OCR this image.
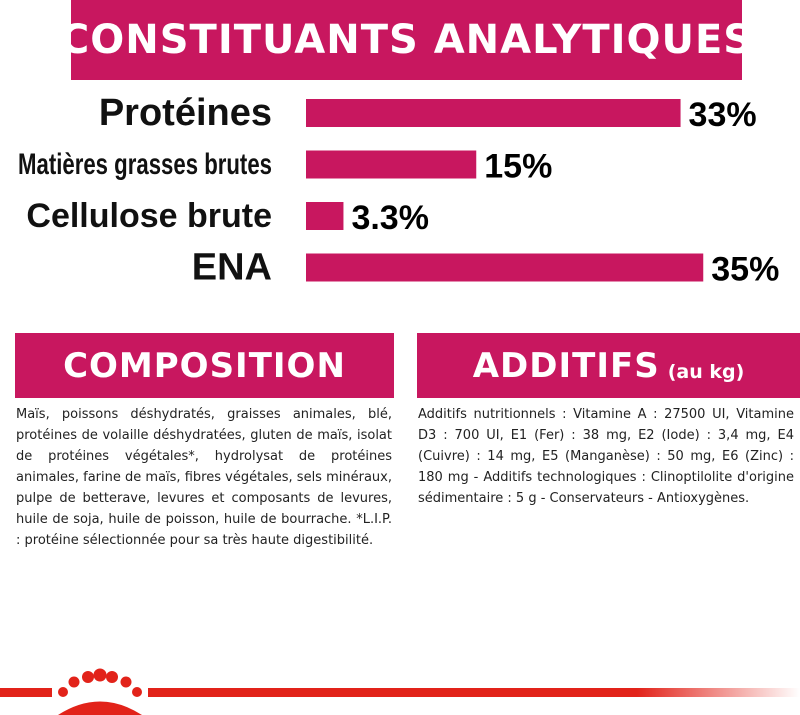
CONSTITUANTS ANALYTIQUES
Protéines	33%
Matières grasses brutes	15%
Cellulose brute 3.3%
ENA	35%
COMPOSITION	ADDITIFS (au kg)

Maïs, poissons déshydratés, graisses animales, blé, protéines de volaille déshydratées, gluten de maïs, isolat de protéines végétales*, hydrolysat de protéines animales, farine de maïs, fibres végétales, sels minéraux, pulpe de betterave, levures et composants de levures, huile de soja, huile de poisson, huile de bourrache. *L.I.P. : protéine sélectionnée pour sa très haute digestibilité.

Additifs nutritionnels : Vitamine A : 27500 UI, Vitamine D3 : 700 UI, E1 (Fer) : 38 mg, E2 (Iode) : 3,4 mg, E4 (Cuivre) : 14 mg, E5 (Manganèse) : 50 mg, E6 (Zinc) : 180 mg - Additifs technologiques : Clinoptilolite d'origine sédimentaire : 5 g - Conservateurs - Antioxygènes.
